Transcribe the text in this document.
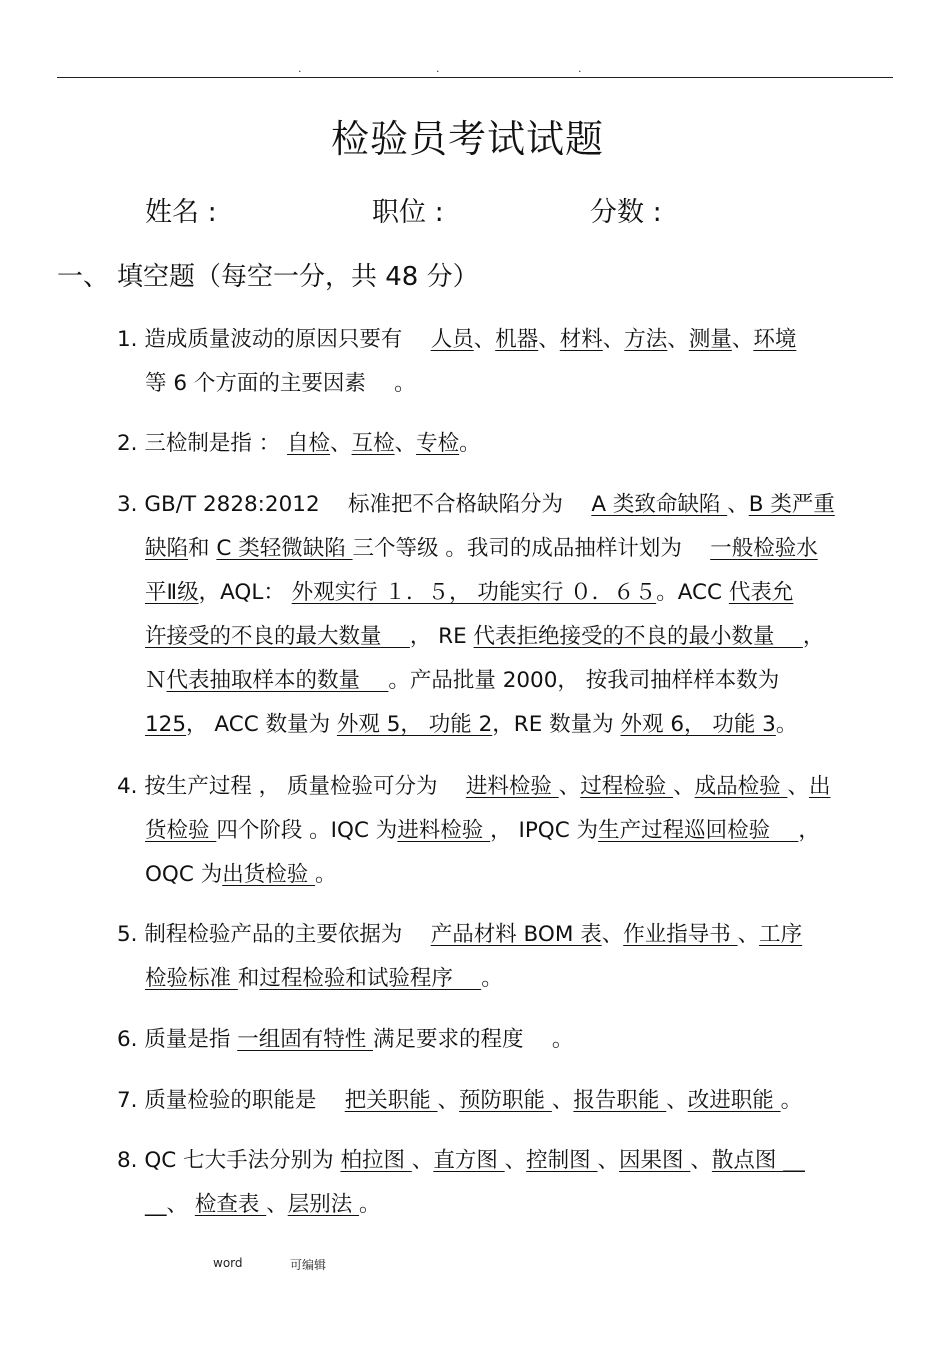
.	.	.
检验员考试试题
姓名 :	职位 :	分数 :
一、 填空题（每空一分，共 48 分）
1. 造成质量波动的原因只要有 　人员、机器、材料、方法、测量、环境
等 6 个方面的主要因素 　。
2. 三检制是指 ： 自检、互检、专检。
3. GB/T 2828:2012 　标准把不合格缺陷分为 　A 类致命缺陷 、B 类严重
缺陷和 C 类轻微缺陷 三个等级 。我司的成品抽样计划为 　一般检验水
平Ⅱ级，AQL： 外观实行 １．５， 功能实行 ０．６５。ACC 代表允
许接受的不良的最大数量 　， RE 代表拒绝接受的不良的最小数量 　，
Ｎ代表抽取样本的数量 　。产品批量 2000， 按我司抽样样本数为
125， ACC 数量为 外观 5， 功能 2，RE 数量为 外观 6， 功能 3。
4. 按生产过程 ， 质量检验可分为 　进料检验 、过程检验 、成品检验 、出
货检验 四个阶段 。IQC 为进料检验 ， IPQC 为生产过程巡回检验 　，
OQC 为出货检验 。
5. 制程检验产品的主要依据为 　产品材料 BOM 表、作业指导书 、工序
检验标准 和过程检验和试验程序 　。
6. 质量是指 一组固有特性 满足要求的程度 　。
7. 质量检验的职能是 　把关职能 、预防职能 、报告职能 、改进职能 。
8. QC 七大手法分别为 柏拉图 、直方图 、控制图 、因果图 、散点图 __
__、 检查表 、层别法 。
word	可编辑
